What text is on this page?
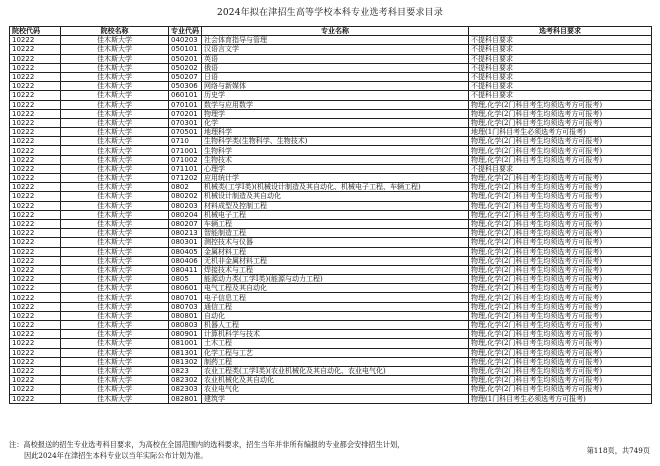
2024年拟在津招生高等学校本科专业选考科目要求目录
院校代码	院校名称	专业代码	专业名称	选考科目要求
10222	佳木斯大学	040203	社会体育指导与管理	不提科目要求
10222	佳木斯大学	050101	汉语言文学	不提科目要求
10222	佳木斯大学	050201	英语	不提科目要求
10222	佳木斯大学	050202	俄语	不提科目要求
10222	佳木斯大学	050207	日语	不提科目要求
10222	佳木斯大学	050306	网络与新媒体	不提科目要求
10222	佳木斯大学	060101	历史学	不提科目要求
10222	佳木斯大学	070101	数学与应用数学	物理,化学(2门科目考生均须选考方可报考)
10222	佳木斯大学	070201	物理学	物理,化学(2门科目考生均须选考方可报考)
10222	佳木斯大学	070301	化学	物理,化学(2门科目考生均须选考方可报考)
10222	佳木斯大学	070501	地理科学	地理(1门科目考生必须选考方可报考)
10222	佳木斯大学	0710	生物科学类(生物科学、生物技术)	物理,化学(2门科目考生均须选考方可报考)
10222	佳木斯大学	071001	生物科学	物理,化学(2门科目考生均须选考方可报考)
10222	佳木斯大学	071002	生物技术	物理,化学(2门科目考生均须选考方可报考)
10222	佳木斯大学	071101	心理学	不提科目要求
10222	佳木斯大学	071202	应用统计学	物理,化学(2门科目考生均须选考方可报考)
10222	佳木斯大学	0802	机械类(工学I类)(机械设计制造及其自动化、机械电子工程、车辆工程)	物理,化学(2门科目考生均须选考方可报考)
10222	佳木斯大学	080202	机械设计制造及其自动化	物理,化学(2门科目考生均须选考方可报考)
10222	佳木斯大学	080203	材料成型及控制工程	物理,化学(2门科目考生均须选考方可报考)
10222	佳木斯大学	080204	机械电子工程	物理,化学(2门科目考生均须选考方可报考)
10222	佳木斯大学	080207	车辆工程	物理,化学(2门科目考生均须选考方可报考)
10222	佳木斯大学	080213	智能制造工程	物理,化学(2门科目考生均须选考方可报考)
10222	佳木斯大学	080301	测控技术与仪器	物理,化学(2门科目考生均须选考方可报考)
10222	佳木斯大学	080405	金属材料工程	物理,化学(2门科目考生均须选考方可报考)
10222	佳木斯大学	080406	无机非金属材料工程	物理,化学(2门科目考生均须选考方可报考)
10222	佳木斯大学	080411	焊接技术与工程	物理,化学(2门科目考生均须选考方可报考)
10222	佳木斯大学	0805	能源动力类(工学I类)(能源与动力工程)	物理,化学(2门科目考生均须选考方可报考)
10222	佳木斯大学	080601	电气工程及其自动化	物理,化学(2门科目考生均须选考方可报考)
10222	佳木斯大学	080701	电子信息工程	物理,化学(2门科目考生均须选考方可报考)
10222	佳木斯大学	080703	通信工程	物理,化学(2门科目考生均须选考方可报考)
10222	佳木斯大学	080801	自动化	物理,化学(2门科目考生均须选考方可报考)
10222	佳木斯大学	080803	机器人工程	物理,化学(2门科目考生均须选考方可报考)
10222	佳木斯大学	080901	计算机科学与技术	物理,化学(2门科目考生均须选考方可报考)
10222	佳木斯大学	081001	土木工程	物理,化学(2门科目考生均须选考方可报考)
10222	佳木斯大学	081301	化学工程与工艺	物理,化学(2门科目考生均须选考方可报考)
10222	佳木斯大学	081302	制药工程	物理,化学(2门科目考生均须选考方可报考)
10222	佳木斯大学	0823	农业工程类(工学I类)(农业机械化及其自动化、农业电气化)	物理,化学(2门科目考生均须选考方可报考)
10222	佳木斯大学	082302	农业机械化及其自动化	物理,化学(2门科目考生均须选考方可报考)
10222	佳木斯大学	082303	农业电气化	物理,化学(2门科目考生均须选考方可报考)
10222	佳木斯大学	082801	建筑学	物理(1门科目考生必须选考方可报考)
注：高校报送的招生专业选考科目要求，为高校在全国范围内的选科要求，招生当年并非所有编报的专业都会安排招生计划，
因此2024年在津招生本科专业以当年实际公布计划为准。
第118页，共749页
